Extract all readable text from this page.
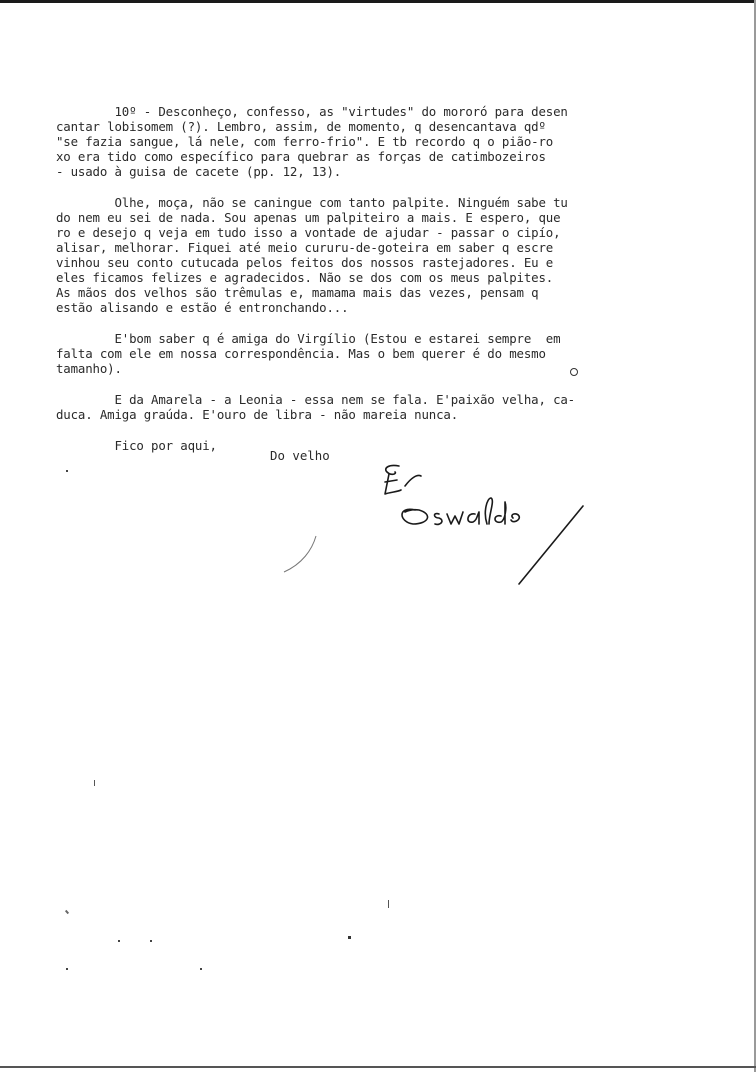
10º - Desconheço, confesso, as "virtudes" do mororó para desen
cantar lobisomem (?). Lembro, assim, de momento, q desencantava qdº
"se fazia sangue, lá nele, com ferro-frio". E tb recordo q o pião-ro
xo era tido como específico para quebrar as forças de catimbozeiros
- usado à guisa de cacete (pp. 12, 13).
Olhe, moça, não se caningue com tanto palpite. Ninguém sabe tu
do nem eu sei de nada. Sou apenas um palpiteiro a mais. E espero, que
ro e desejo q veja em tudo isso a vontade de ajudar - passar o cipío,
alisar, melhorar. Fiquei até meio cururu-de-goteira em saber q escre
vinhou seu conto cutucada pelos feitos dos nossos rastejadores. Eu e
eles ficamos felizes e agradecidos. Não se dos com os meus palpites.
As mãos dos velhos são trêmulas e, mamama mais das vezes, pensam q
estão alisando e estão é entronchando...
E'bom saber q é amiga do Virgílio (Estou e estarei sempre  em
falta com ele em nossa correspondência. Mas o bem querer é do mesmo
tamanho).
E da Amarela - a Leonia - essa nem se fala. E'paixão velha, ca-
duca. Amiga graúda. E'ouro de libra - não mareia nunca.
Fico por aqui,
Do velho
